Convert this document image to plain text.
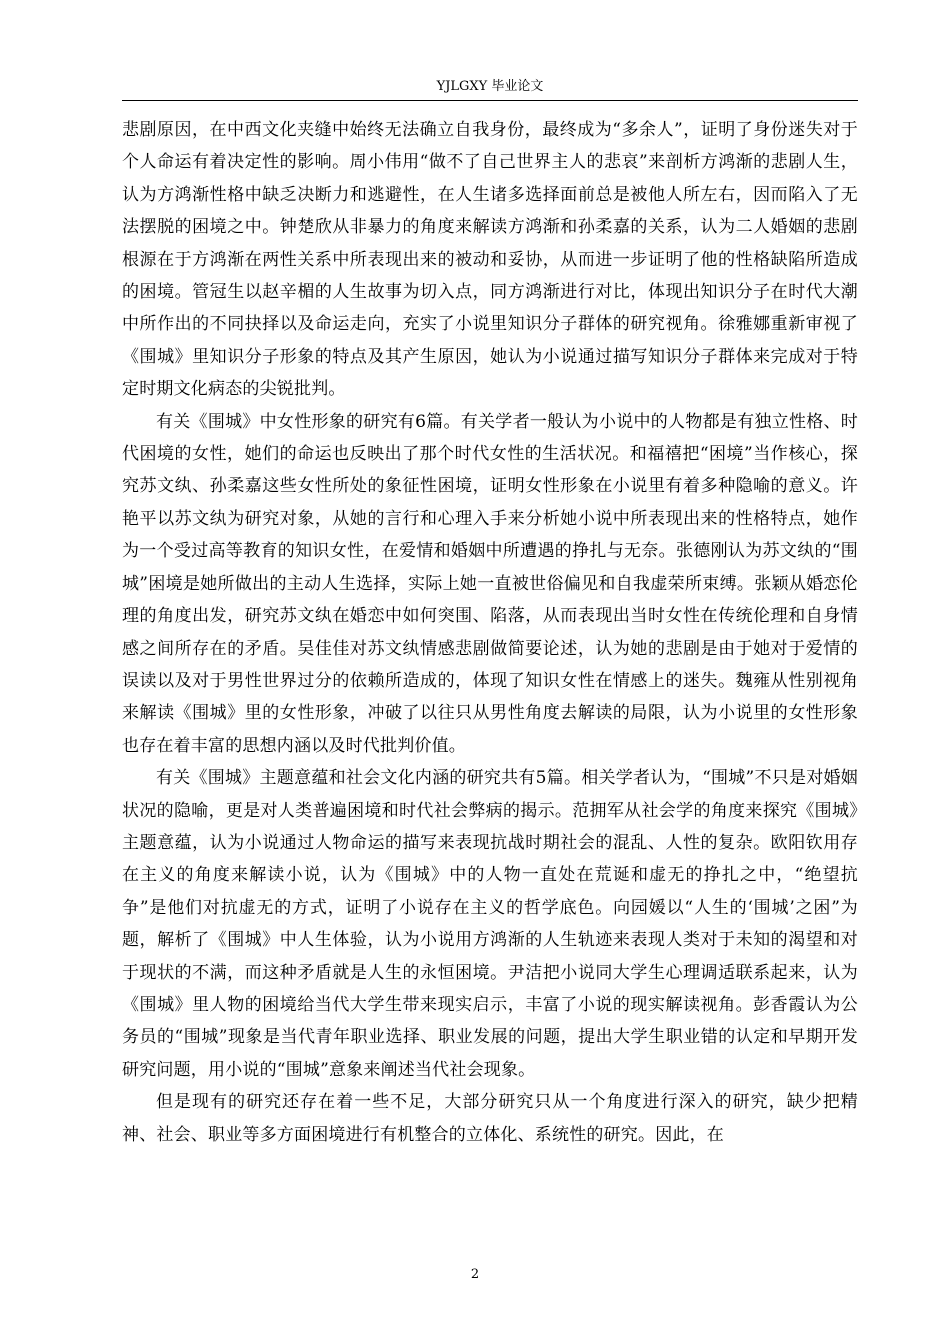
YJLGXY 毕业论文

悲剧原因，在中西文化夹缝中始终无法确立自我身份，最终成为“多余人”，证明了身份迷失对于个人命运有着决定性的影响。周小伟用“做不了自己世界主人的悲哀”来剖析方鸿渐的悲剧人生，认为方鸿渐性格中缺乏决断力和逃避性，在人生诸多选择面前总是被他人所左右，因而陷入了无法摆脱的困境之中。钟楚欣从非暴力的角度来解读方鸿渐和孙柔嘉的关系，认为二人婚姻的悲剧根源在于方鸿渐在两性关系中所表现出来的被动和妥协，从而进一步证明了他的性格缺陷所造成的困境。管冠生以赵辛楣的人生故事为切入点，同方鸿渐进行对比，体现出知识分子在时代大潮中所作出的不同抉择以及命运走向，充实了小说里知识分子群体的研究视角。徐雅娜重新审视了《围城》里知识分子形象的特点及其产生原因，她认为小说通过描写知识分子群体来完成对于特定时期文化病态的尖锐批判。

有关《围城》中女性形象的研究有6篇。有关学者一般认为小说中的人物都是有独立性格、时代困境的女性，她们的命运也反映出了那个时代女性的生活状况。和福禧把“困境”当作核心，探究苏文纨、孙柔嘉这些女性所处的象征性困境，证明女性形象在小说里有着多种隐喻的意义。许艳平以苏文纨为研究对象，从她的言行和心理入手来分析她小说中所表现出来的性格特点，她作为一个受过高等教育的知识女性，在爱情和婚姻中所遭遇的挣扎与无奈。张德刚认为苏文纨的“围城”困境是她所做出的主动人生选择，实际上她一直被世俗偏见和自我虚荣所束缚。张颖从婚恋伦理的角度出发，研究苏文纨在婚恋中如何突围、陷落，从而表现出当时女性在传统伦理和自身情感之间所存在的矛盾。吴佳佳对苏文纨情感悲剧做简要论述，认为她的悲剧是由于她对于爱情的误读以及对于男性世界过分的依赖所造成的，体现了知识女性在情感上的迷失。魏雍从性别视角来解读《围城》里的女性形象，冲破了以往只从男性角度去解读的局限，认为小说里的女性形象也存在着丰富的思想内涵以及时代批判价值。

有关《围城》主题意蕴和社会文化内涵的研究共有5篇。相关学者认为，“围城”不只是对婚姻状况的隐喻，更是对人类普遍困境和时代社会弊病的揭示。范拥军从社会学的角度来探究《围城》主题意蕴，认为小说通过人物命运的描写来表现抗战时期社会的混乱、人性的复杂。欧阳钦用存在主义的角度来解读小说，认为《围城》中的人物一直处在荒诞和虚无的挣扎之中，“绝望抗争”是他们对抗虚无的方式，证明了小说存在主义的哲学底色。向园媛以“人生的‘围城’之困”为题，解析了《围城》中人生体验，认为小说用方鸿渐的人生轨迹来表现人类对于未知的渴望和对于现状的不满，而这种矛盾就是人生的永恒困境。尹洁把小说同大学生心理调适联系起来，认为《围城》里人物的困境给当代大学生带来现实启示，丰富了小说的现实解读视角。彭香霞认为公务员的“围城”现象是当代青年职业选择、职业发展的问题，提出大学生职业错的认定和早期开发研究问题，用小说的“围城”意象来阐述当代社会现象。

但是现有的研究还存在着一些不足，大部分研究只从一个角度进行深入的研究，缺少把精神、社会、职业等多方面困境进行有机整合的立体化、系统性的研究。因此，在

2
